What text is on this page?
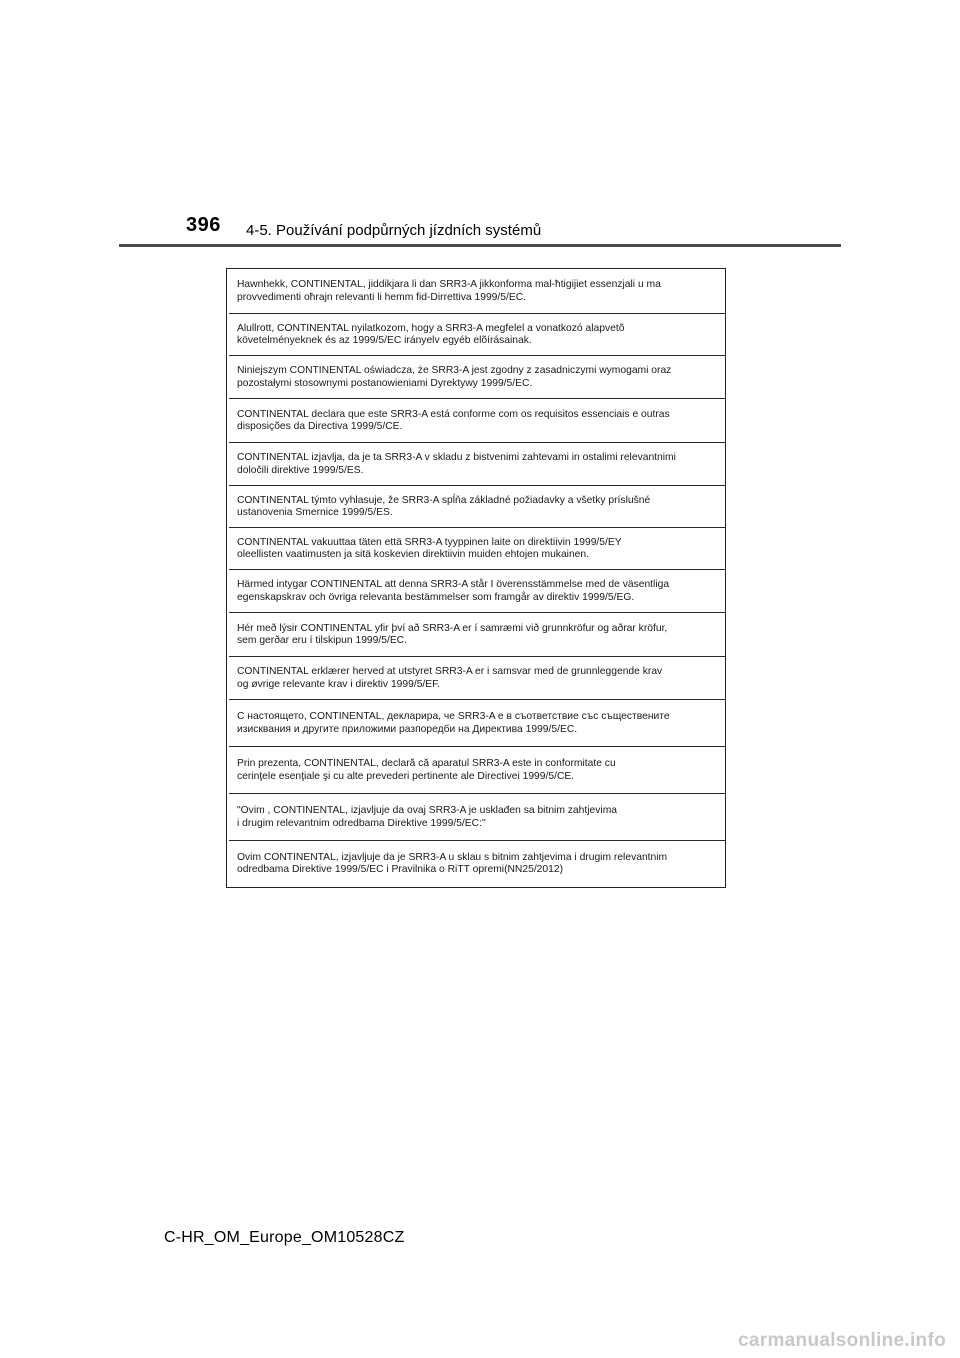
396 4-5. Používání podpůrných jízdních systémů
Hawnhekk, CONTINENTAL, jiddikjara li dan SRR3-A jikkonforma mal-ħtigijiet essenzjali u ma
provvedimenti oħrajn relevanti li hemm fid-Dirrettiva 1999/5/EC.
Alullrott, CONTINENTAL nyilatkozom, hogy a SRR3-A megfelel a vonatkozó alapvetõ
követelményeknek és az 1999/5/EC irányelv egyéb elõírásainak.
Niniejszym CONTINENTAL oświadcza, że SRR3-A jest zgodny z zasadniczymi wymogami oraz
pozostałymi stosownymi postanowieniami Dyrektywy 1999/5/EC.
CONTINENTAL declara que este SRR3-A está conforme com os requisitos essenciais e outras
disposições da Directiva 1999/5/CE.
CONTINENTAL izjavlja, da je ta SRR3-A v skladu z bistvenimi zahtevami in ostalimi relevantnimi
določili direktive 1999/5/ES.
CONTINENTAL týmto vyhlasuje, že SRR3-A spĺňa základné požiadavky a všetky príslušné
ustanovenia Smernice 1999/5/ES.
CONTINENTAL vakuuttaa täten että SRR3-A tyyppinen laite on direktiivin 1999/5/EY
oleellisten vaatimusten ja sitä koskevien direktiivin muiden ehtojen mukainen.
Härmed intygar CONTINENTAL att denna SRR3-A står I överensstämmelse med de väsentliga
egenskapskrav och övriga relevanta bestämmelser som framgår av direktiv 1999/5/EG.
Hér með lýsir CONTINENTAL yfir því að SRR3-A er í samræmi við grunnkröfur og aðrar kröfur,
sem gerðar eru í tilskipun 1999/5/EC.
CONTINENTAL erklærer herved at utstyret SRR3-A er i samsvar med de grunnleggende krav
og øvrige relevante krav i direktiv 1999/5/EF.
С настоящето, CONTINENTAL, декларира, че SRR3-A е в съответствие със съществените
изисквания и другите приложими разпоредби на Директива 1999/5/EC.
Prin prezenta, CONTINENTAL, declară că aparatul SRR3-A este in conformitate cu
cerinţele esenţiale şi cu alte prevederi pertinente ale Directivei 1999/5/CE.
"Ovim , CONTINENTAL, izjavljuje da ovaj SRR3-A je usklađen sa bitnim zahtjevima
i drugim relevantnim odredbama Direktive 1999/5/EC:"
Ovim CONTINENTAL, izjavljuje da je SRR3-A u sklau s bitnim zahtjevima i drugim relevantnim
odredbama Direktive 1999/5/EC i Pravilnika o RiTT opremi(NN25/2012)
C-HR_OM_Europe_OM10528CZ
carmanualsonline.info
